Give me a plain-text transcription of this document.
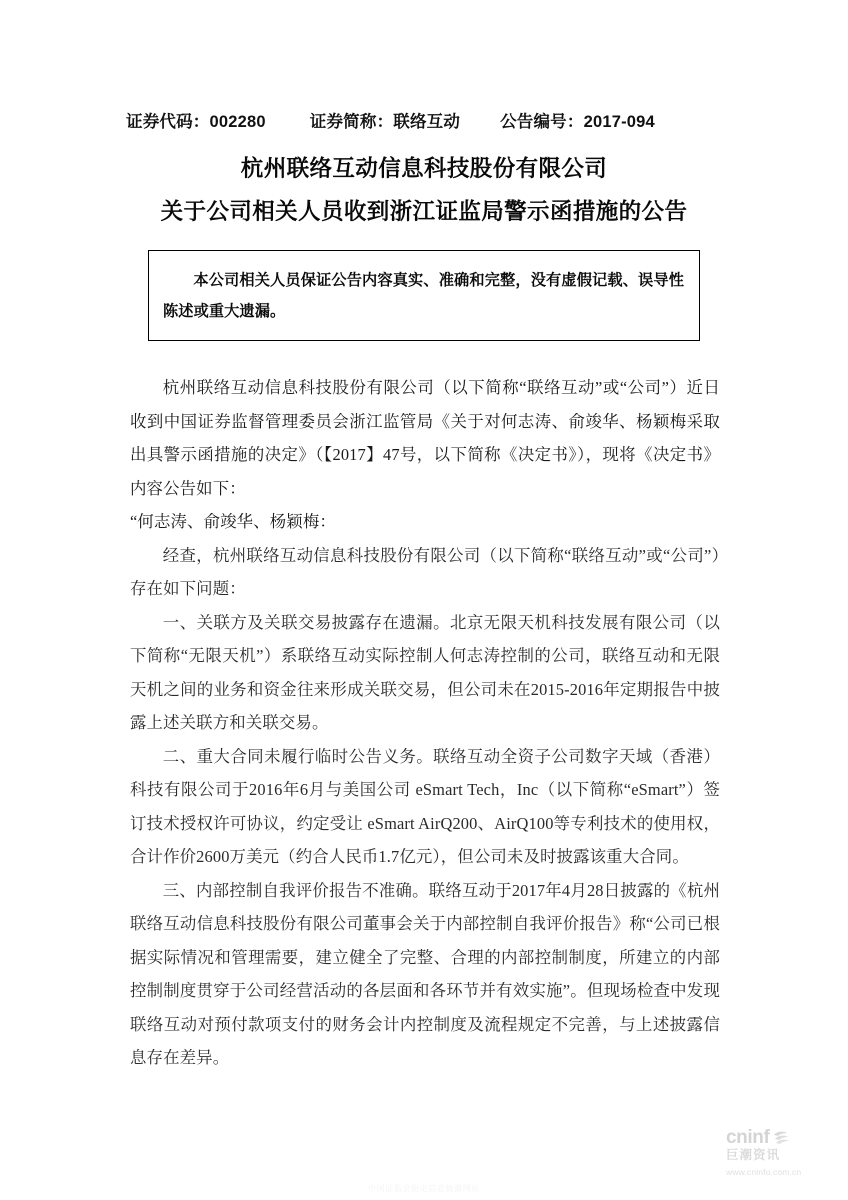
证券代码：002280	证券简称：联络互动 公告编号：2017-094
杭州联络互动信息科技股份有限公司
关于公司相关人员收到浙江证监局警示函措施的公告

本公司相关人员保证公告内容真实、准确和完整，没有虚假记载、误导性陈述或重大遗漏。

杭州联络互动信息科技股份有限公司（以下简称“联络互动”或“公司”）近日收到中国证券监督管理委员会浙江监管局《关于对何志涛、俞竣华、杨颖梅采取出具警示函措施的决定》（【2017】47号，以下简称《决定书》），现将《决定书》内容公告如下：

“何志涛、俞竣华、杨颖梅：

经查，杭州联络互动信息科技股份有限公司（以下简称“联络互动”或“公司”）存在如下问题：

一、关联方及关联交易披露存在遗漏。北京无限天机科技发展有限公司（以下简称“无限天机”）系联络互动实际控制人何志涛控制的公司，联络互动和无限天机之间的业务和资金往来形成关联交易，但公司未在2015-2016年定期报告中披露上述关联方和关联交易。

二、重大合同未履行临时公告义务。联络互动全资子公司数字天域（香港）科技有限公司于2016年6月与美国公司 eSmart Tech，Inc（以下简称“eSmart”）签订技术授权许可协议，约定受让 eSmart AirQ200、AirQ100等专利技术的使用权，合计作价2600万美元（约合人民币1.7亿元），但公司未及时披露该重大合同。

三、内部控制自我评价报告不准确。联络互动于2017年4月28日披露的《杭州联络互动信息科技股份有限公司董事会关于内部控制自我评价报告》称“公司已根据实际情况和管理需要，建立健全了完整、合理的内部控制制度，所建立的内部控制制度贯穿于公司经营活动的各层面和各环节并有效实施”。但现场检查中发现联络互动对预付款项支付的财务会计内控制度及流程规定不完善，与上述披露信息存在差异。

cninf
巨潮资讯
www.cninfo.com.cn
中国证监会指定信息披露网站
